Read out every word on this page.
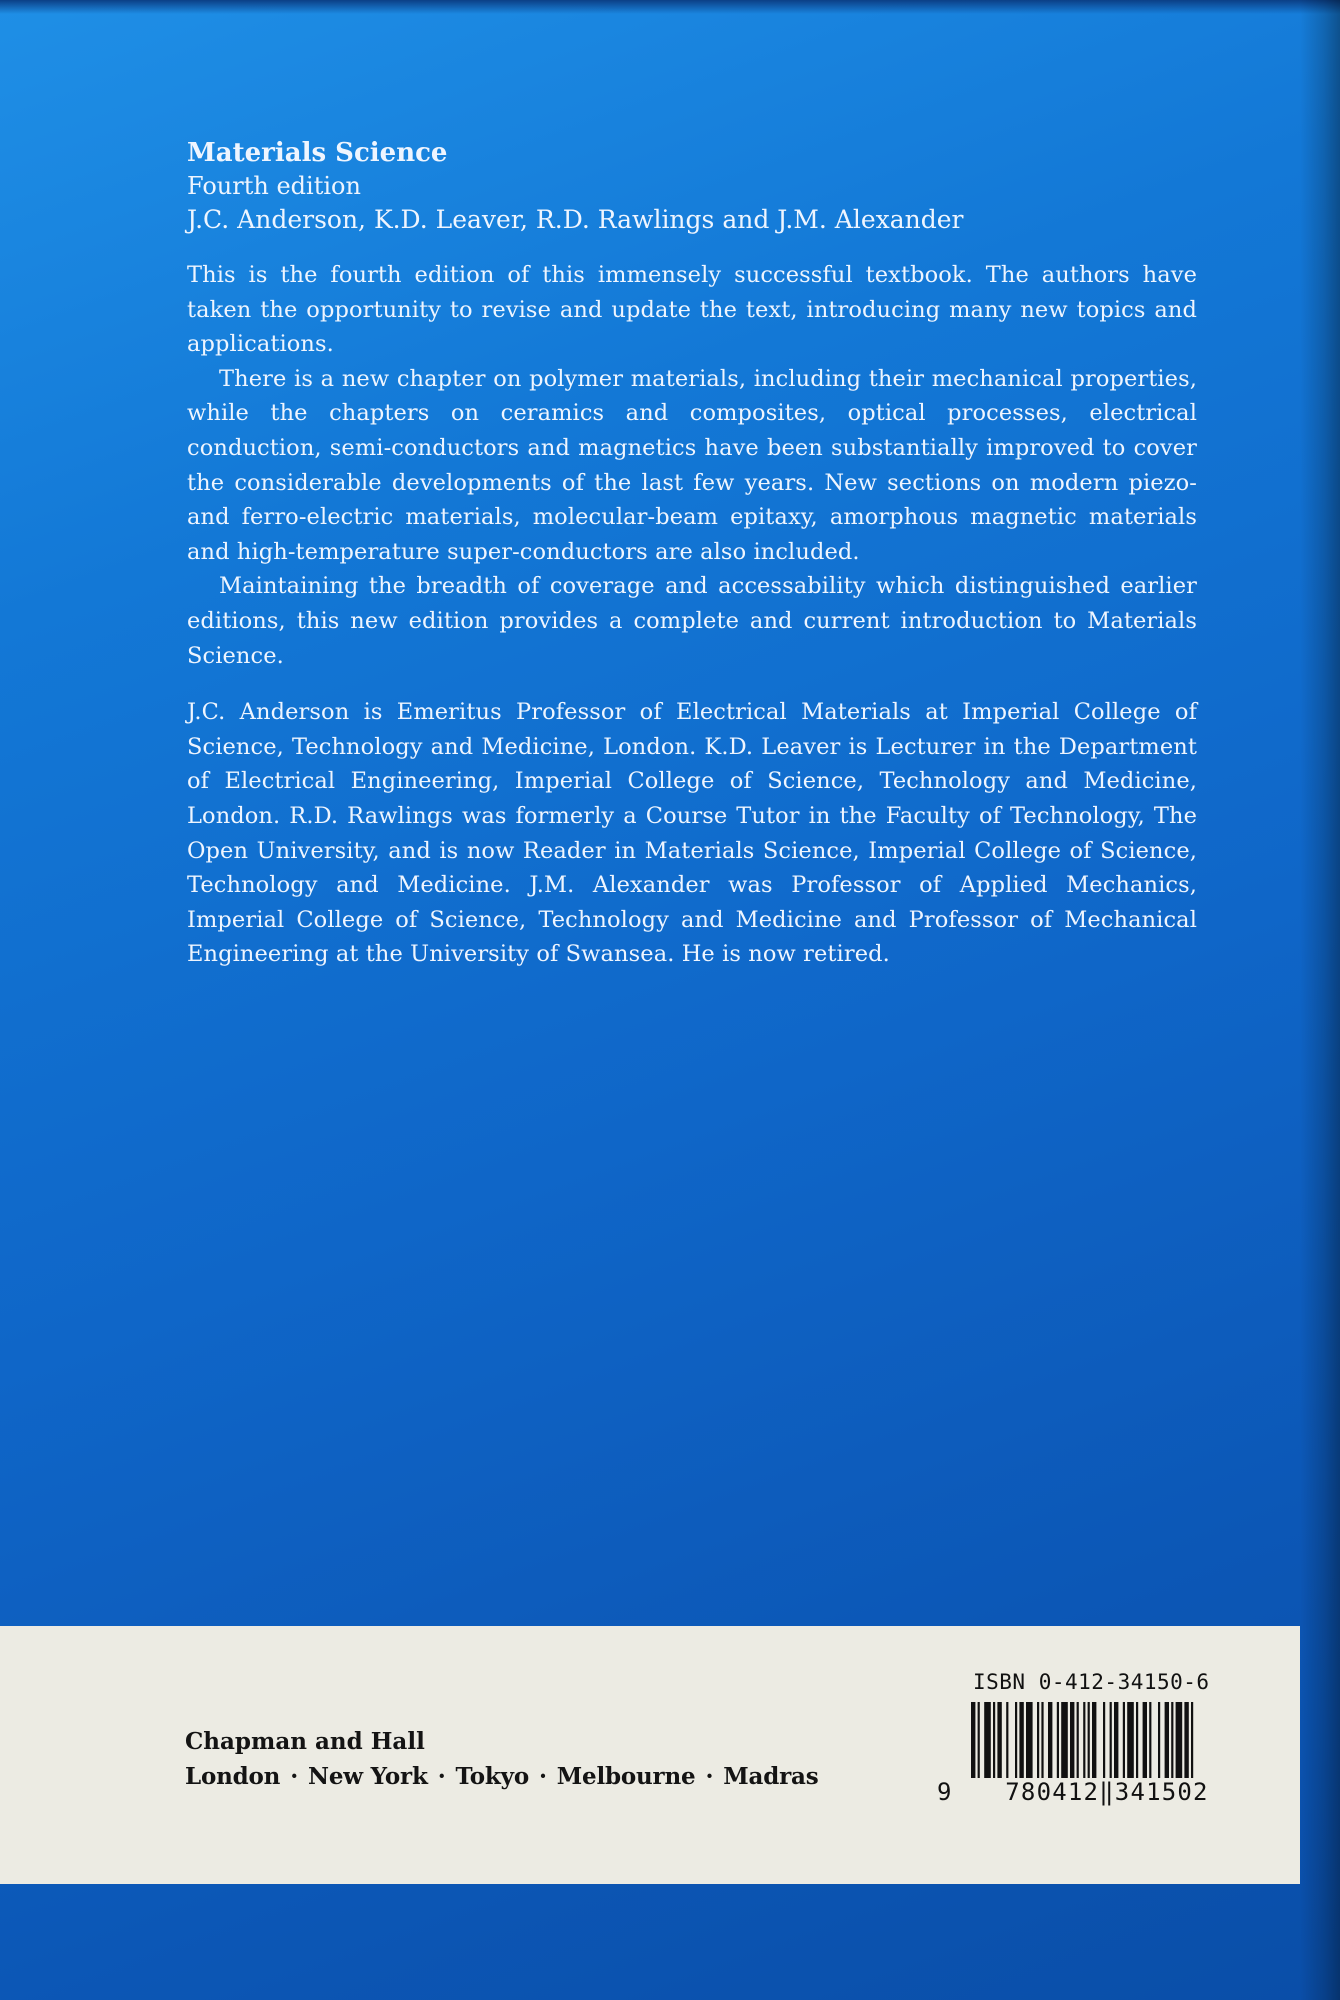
Materials Science
Fourth edition
J.C. Anderson, K.D. Leaver, R.D. Rawlings and J.M. Alexander

This is the fourth edition of this immensely successful textbook. The authors have taken the opportunity to revise and update the text, introducing many new topics and applications.

There is a new chapter on polymer materials, including their mechanical properties, while the chapters on ceramics and composites, optical processes, electrical conduction, semi-conductors and magnetics have been substantially improved to cover the considerable developments of the last few years. New sections on modern piezo- and ferro-electric materials, molecular-beam epitaxy, amorphous magnetic materials and high-temperature super-conductors are also included.

Maintaining the breadth of coverage and accessability which distinguished earlier editions, this new edition provides a complete and current introduction to Materials Science.

J.C. Anderson is Emeritus Professor of Electrical Materials at Imperial College of Science, Technology and Medicine, London. K.D. Leaver is Lecturer in the Department of Electrical Engineering, Imperial College of Science, Technology and Medicine, London. R.D. Rawlings was formerly a Course Tutor in the Faculty of Technology, The Open University, and is now Reader in Materials Science, Imperial College of Science, Technology and Medicine. J.M. Alexander was Professor of Applied Mechanics, Imperial College of Science, Technology and Medicine and Professor of Mechanical Engineering at the University of Swansea. He is now retired.

Chapman and Hall
London · New York · Tokyo · Melbourne · Madras
ISBN 0-412-34150-6
9	780412‖341502
